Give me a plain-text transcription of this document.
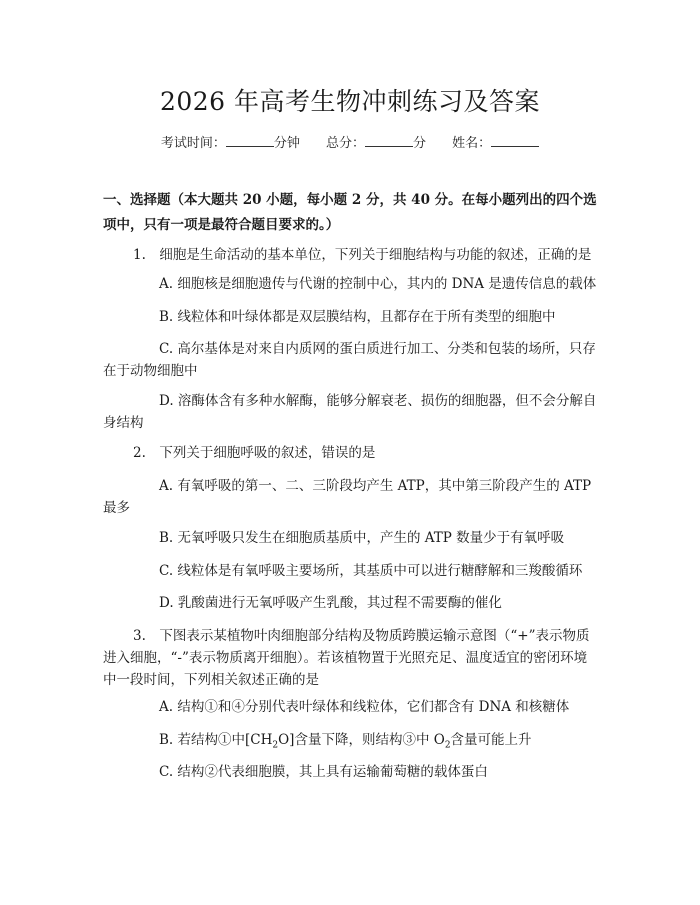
2026 年高考生物冲刺练习及答案
考试时间：	分钟 总分：	分 姓名：
一、选择题（本大题共 20 小题，每小题 2 分，共 40 分。在每小题列出的四个选项中，只有一项是最符合题目要求的。）
1.　细胞是生命活动的基本单位，下列关于细胞结构与功能的叙述，正确的是
A. 细胞核是细胞遗传与代谢的控制中心，其内的 DNA 是遗传信息的载体
B. 线粒体和叶绿体都是双层膜结构，且都存在于所有类型的细胞中
C. 高尔基体是对来自内质网的蛋白质进行加工、分类和包装的场所，只存在于动物细胞中
D. 溶酶体含有多种水解酶，能够分解衰老、损伤的细胞器，但不会分解自身结构
2.　下列关于细胞呼吸的叙述，错误的是
A. 有氧呼吸的第一、二、三阶段均产生 ATP，其中第三阶段产生的 ATP 最多
B. 无氧呼吸只发生在细胞质基质中，产生的 ATP 数量少于有氧呼吸
C. 线粒体是有氧呼吸主要场所，其基质中可以进行糖酵解和三羧酸循环
D. 乳酸菌进行无氧呼吸产生乳酸，其过程不需要酶的催化
3.　下图表示某植物叶肉细胞部分结构及物质跨膜运输示意图（“+”表示物质进入细胞，“-”表示物质离开细胞）。若该植物置于光照充足、温度适宜的密闭环境中一段时间，下列相关叙述正确的是
A. 结构①和④分别代表叶绿体和线粒体，它们都含有 DNA 和核糖体
B. 若结构①中$[CH_2O]$含量下降，则结构③中 $O_2$含量可能上升
C. 结构②代表细胞膜，其上具有运输葡萄糖的载体蛋白
